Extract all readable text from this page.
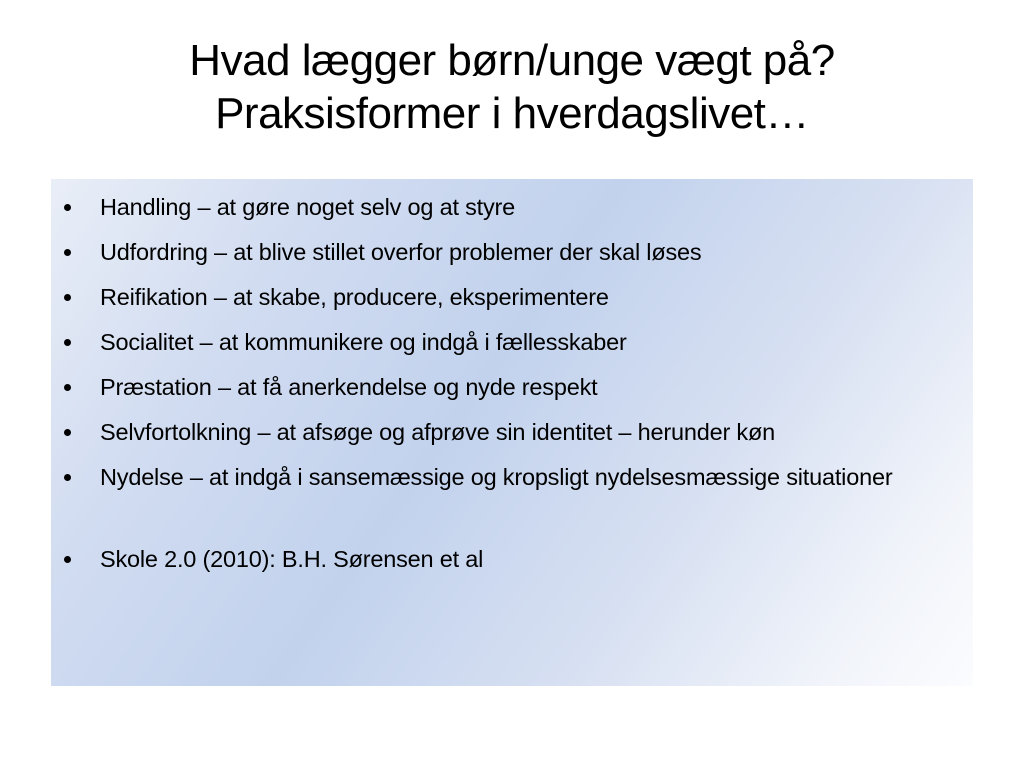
Hvad lægger børn/unge vægt på?
Praksisformer i hverdagslivet…
Handling – at gøre noget selv og at styre
Udfordring – at blive stillet overfor problemer der skal løses
Reifikation – at skabe, producere, eksperimentere
Socialitet – at kommunikere og indgå i fællesskaber
Præstation – at få anerkendelse og nyde respekt
Selvfortolkning – at afsøge og afprøve sin identitet – herunder køn
Nydelse – at indgå i sansemæssige og kropsligt nydelsesmæssige situationer
Skole 2.0 (2010): B.H. Sørensen et al
